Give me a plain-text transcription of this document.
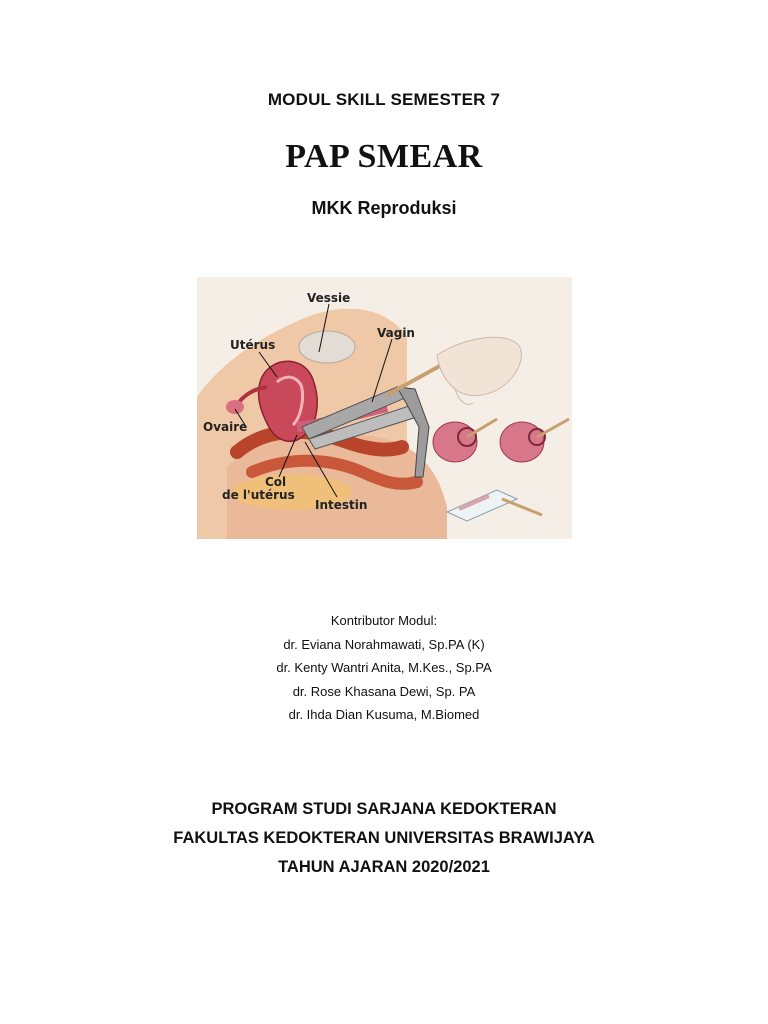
MODUL SKILL SEMESTER 7
PAP SMEAR
MKK Reproduksi
Vessie
Utérus
Vagin
Ovaire
Col
de l'utérus
Intestin
Kontributor Modul:
dr. Eviana Norahmawati, Sp.PA (K)
dr. Kenty Wantri Anita, M.Kes., Sp.PA
dr. Rose Khasana Dewi, Sp. PA
dr. Ihda Dian Kusuma, M.Biomed
PROGRAM STUDI SARJANA KEDOKTERAN
FAKULTAS KEDOKTERAN UNIVERSITAS BRAWIJAYA
TAHUN AJARAN 2020/2021
